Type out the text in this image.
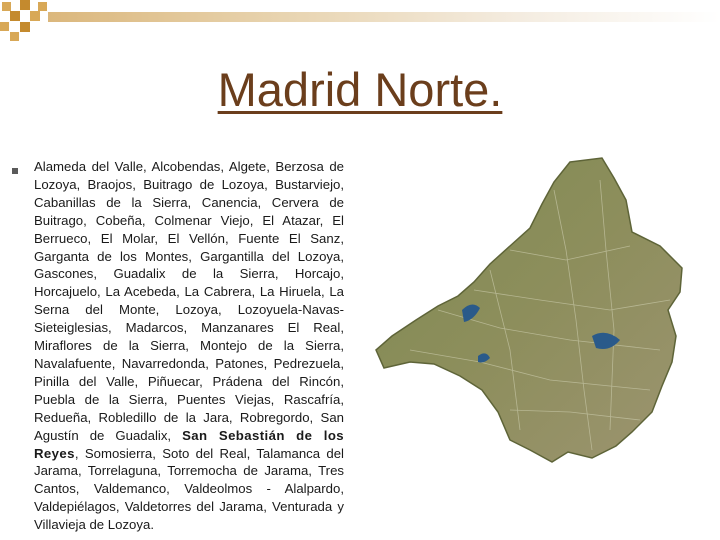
Madrid Norte.

Alameda del Valle, Alcobendas, Algete, Berzosa de Lozoya, Braojos, Buitrago de Lozoya, Bustarviejo, Cabanillas de la Sierra, Canencia, Cervera de Buitrago, Cobeña, Colmenar Viejo, El Atazar, El Berrueco, El Molar, El Vellón, Fuente El Sanz, Garganta de los Montes, Gargantilla del Lozoya, Gascones, Guadalix de la Sierra, Horcajo, Horcajuelo, La Acebeda, La Cabrera, La Hiruela, La Serna del Monte, Lozoya, Lozoyuela-Navas-Sieteiglesias, Madarcos, Manzanares El Real, Miraflores de la Sierra, Montejo de la Sierra, Navalafuente, Navarredonda, Patones, Pedrezuela, Pinilla del Valle, Piñuecar, Prádena del Rincón, Puebla de la Sierra, Puentes Viejas, Rascafría, Redueña, Robledillo de la Jara, Robregordo, San Agustín de Guadalix, San Sebastián de los Reyes, Somosierra, Soto del Real, Talamanca del Jarama, Torrelaguna, Torremocha de Jarama, Tres Cantos, Valdemanco, Valdeolmos - Alalpardo, Valdepiélagos, Valdetorres del Jarama, Venturada y Villavieja de Lozoya.
